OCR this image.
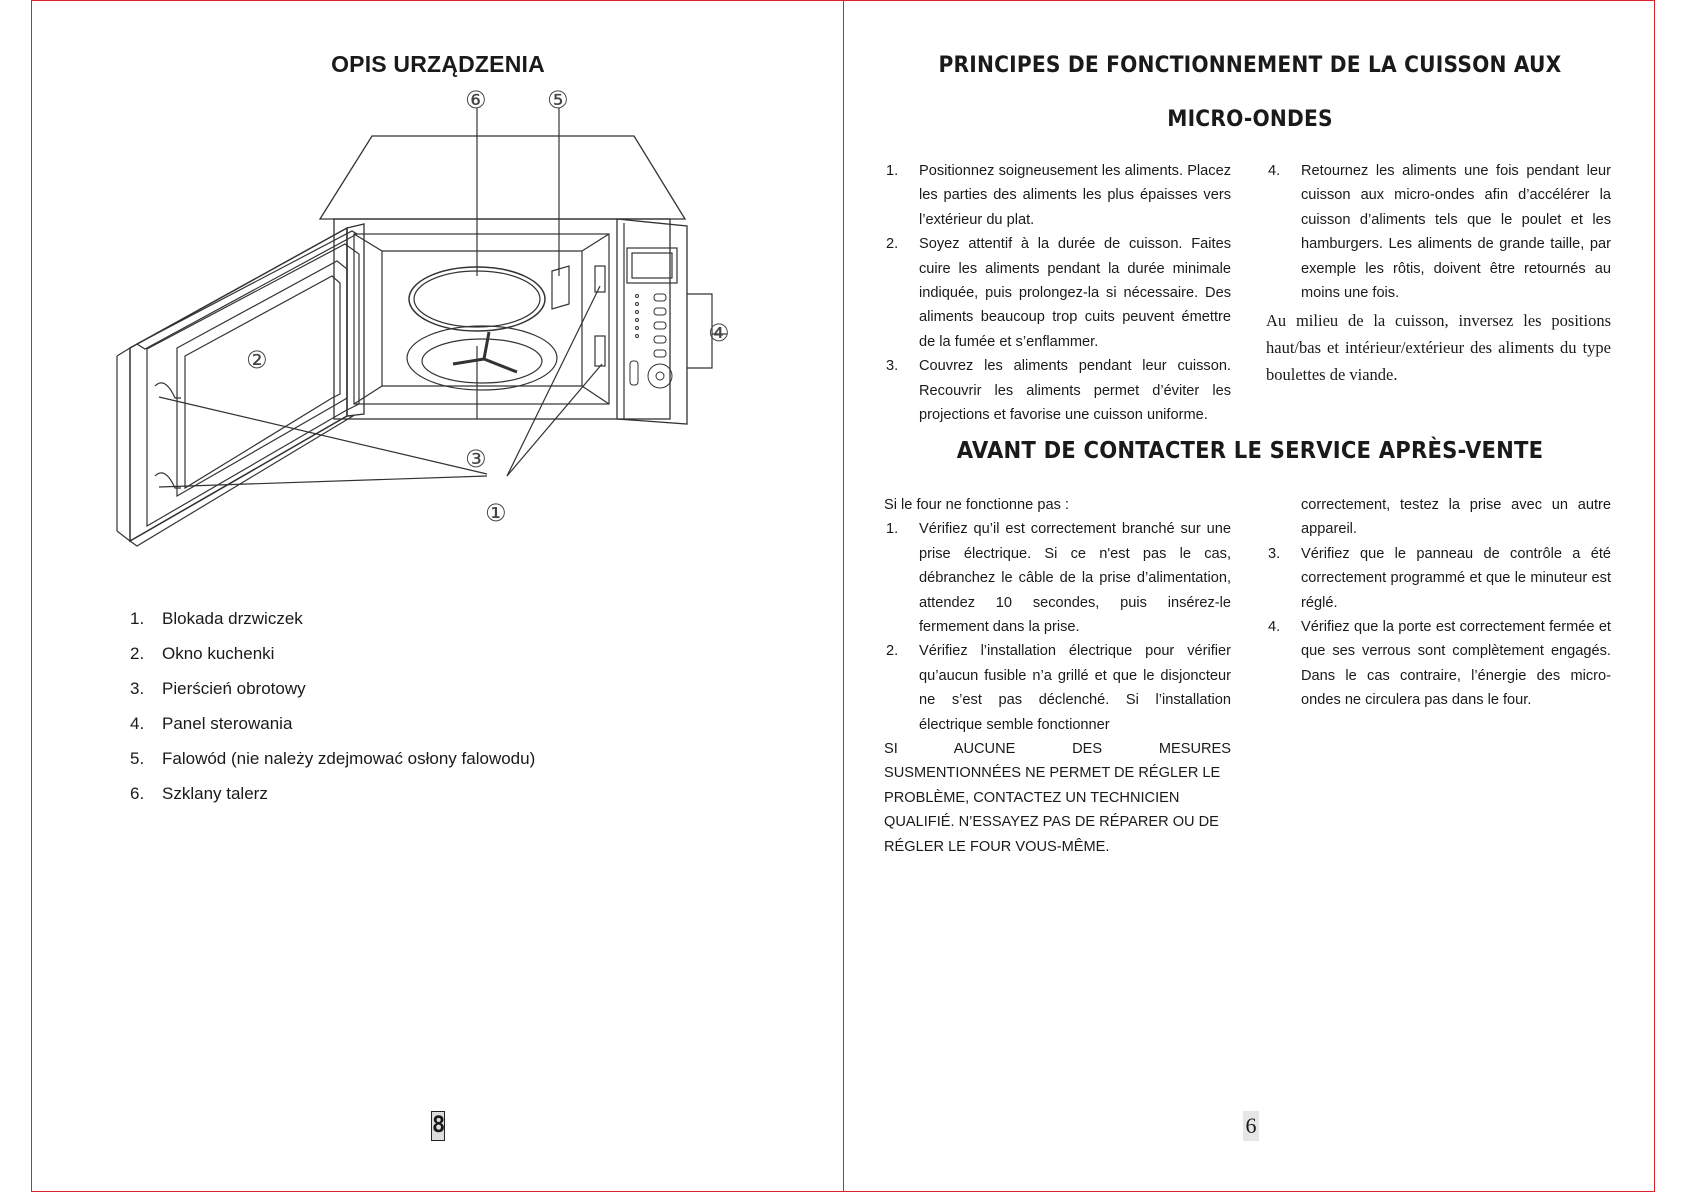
OPIS URZĄDZENIA
⑥	⑤
②
④
③
①
1.	Blokada drzwiczek
2.	Okno kuchenki
3.	Pierścień obrotowy
4.	Panel sterowania
5.	Falowód (nie należy zdejmować osłony falowodu)
6.	Szklany talerz
8
PRINCIPES DE FONCTIONNEMENT DE LA CUISSON AUX
MICRO-ONDES
1. Positionnez soigneusement les aliments. Placez les parties des aliments les plus épaisses vers l’extérieur du plat.
2. Soyez attentif à la durée de cuisson. Faites cuire les aliments pendant la durée minimale indiquée, puis prolongez-la si nécessaire. Des aliments beaucoup trop cuits peuvent émettre de la fumée et s’enflammer.
3. Couvrez les aliments pendant leur cuisson. Recouvrir les aliments permet d’éviter les projections et favorise une cuisson uniforme.
4. Retournez les aliments une fois pendant leur cuisson aux micro-ondes afin d’accélérer la cuisson d’aliments tels que le poulet et les hamburgers. Les aliments de grande taille, par exemple les rôtis, doivent être retournés au moins une fois.
Au milieu de la cuisson, inversez les positions haut/bas et intérieur/extérieur des aliments du type boulettes de viande.
AVANT DE CONTACTER LE SERVICE APRÈS-VENTE
Si le four ne fonctionne pas :
1. Vérifiez qu’il est correctement branché sur une prise électrique. Si ce n'est pas le cas, débranchez le câble de la prise d’alimentation, attendez 10 secondes, puis insérez-le fermement dans la prise.
2. Vérifiez l’installation électrique pour vérifier qu’aucun fusible n’a grillé et que le disjoncteur ne s’est pas déclenché. Si l’installation électrique semble fonctionner
SI AUCUNE DES MESURES
SUSMENTIONNÉES NE PERMET DE RÉGLER LE PROBLÈME, CONTACTEZ UN TECHNICIEN QUALIFIÉ. N’ESSAYEZ PAS DE RÉPARER OU DE RÉGLER LE FOUR VOUS-MÊME.
correctement, testez la prise avec un autre appareil.
3. Vérifiez que le panneau de contrôle a été correctement programmé et que le minuteur est réglé.
4. Vérifiez que la porte est correctement fermée et que ses verrous sont complètement engagés. Dans le cas contraire, l’énergie des micro-ondes ne circulera pas dans le four.
6
